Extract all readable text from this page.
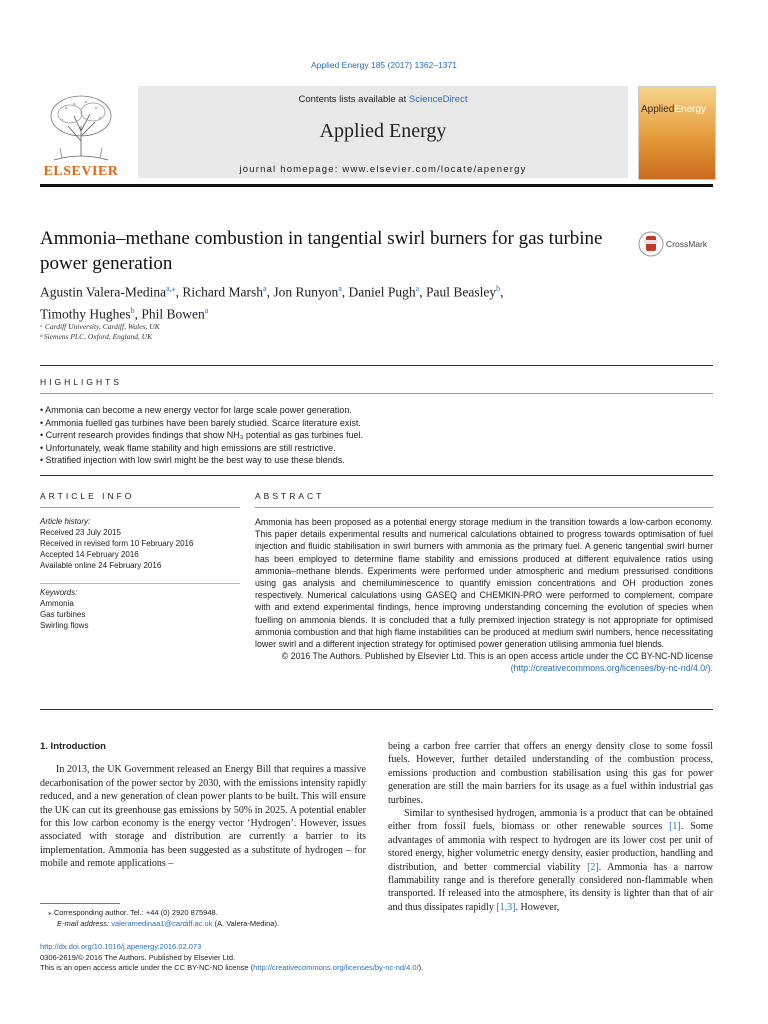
Applied Energy 185 (2017) 1362–1371
Contents lists available at ScienceDirect
Applied Energy
journal homepage: www.elsevier.com/locate/apenergy
ELSEVIER
AppliedEnergy
Ammonia–methane combustion in tangential swirl burners for gas turbine power generation
CrossMark
Agustin Valera-Medina$^{a,⁎}$, Richard Marsh$^a$, Jon Runyon$^a$, Daniel Pugh$^a$, Paul Beasley$^b$,
Timothy Hughes$^b$, Phil Bowen$^a$
ᵃ Cardiff University, Cardiff, Wales, UK
ᵇ Siemens PLC, Oxford, England, UK
HIGHLIGHTS
• Ammonia can become a new energy vector for large scale power generation.
• Ammonia fuelled gas turbines have been barely studied. Scarce literature exist.
• Current research provides findings that show NH₃ potential as gas turbines fuel.
• Unfortunately, weak flame stability and high emissions are still restrictive.
• Stratified injection with low swirl might be the best way to use these blends.
ARTICLE INFO
Article history:
Received 23 July 2015
Received in revised form 10 February 2016
Accepted 14 February 2016
Available online 24 February 2016
Keywords:
Ammonia
Gas turbines
Swirling flows
ABSTRACT
Ammonia has been proposed as a potential energy storage medium in the transition towards a low-carbon economy. This paper details experimental results and numerical calculations obtained to progress towards optimisation of fuel injection and fluidic stabilisation in swirl burners with ammonia as the primary fuel. A generic tangential swirl burner has been employed to determine flame stability and emissions produced at different equivalence ratios using ammonia–methane blends. Experiments were performed under atmospheric and medium pressurised conditions using gas analysis and chemiluminescence to quantify emission concentrations and OH production zones respectively. Numerical calculations using GASEQ and CHEMKIN-PRO were performed to complement, compare with and extend experimental findings, hence improving understanding concerning the evolution of species when fuelling on ammonia blends. It is concluded that a fully premixed injection strategy is not appropriate for optimised ammonia combustion and that high flame instabilities can be produced at medium swirl numbers, hence necessitating lower swirl and a different injection strategy for optimised power generation utilising ammonia fuel blends.
© 2016 The Authors. Published by Elsevier Ltd. This is an open access article under the CC BY-NC-ND license
(http://creativecommons.org/licenses/by-nc-nd/4.0/).

1. Introduction

In 2013, the UK Government released an Energy Bill that requires a massive decarbonisation of the power sector by 2030, with the emissions intensity rapidly reduced, and a new generation of clean power plants to be built. This will ensure the UK can cut its greenhouse gas emissions by 50% in 2025. A potential enabler for this low carbon economy is the energy vector ‘Hydrogen’. However, issues associated with storage and distribution are currently a barrier to its implementation. Ammonia has been suggested as a substitute of hydrogen – for mobile and remote applications –

being a carbon free carrier that offers an energy density close to some fossil fuels. However, further detailed understanding of the combustion process, emissions production and combustion stabilisation using this gas for power generation are still the main barriers for its usage as a fuel within industrial gas turbines.

Similar to synthesised hydrogen, ammonia is a product that can be obtained either from fossil fuels, biomass or other renewable sources [1]. Some advantages of ammonia with respect to hydrogen are its lower cost per unit of stored energy, higher volumetric energy density, easier production, handling and distribution, and better commercial viability [2]. Ammonia has a narrow flammability range and is therefore generally considered non-flammable when transported. If released into the atmosphere, its density is lighter than that of air and thus dissipates rapidly [1,3]. However,

⁎ Corresponding author. Tel.: +44 (0) 2920 875948.
E-mail address: valeramedinaa1@cardiff.ac.uk (A. Valera-Medina).
http://dx.doi.org/10.1016/j.apenergy.2016.02.073
0306-2619/© 2016 The Authors. Published by Elsevier Ltd.
This is an open access article under the CC BY-NC-ND license (http://creativecommons.org/licenses/by-nc-nd/4.0/).
